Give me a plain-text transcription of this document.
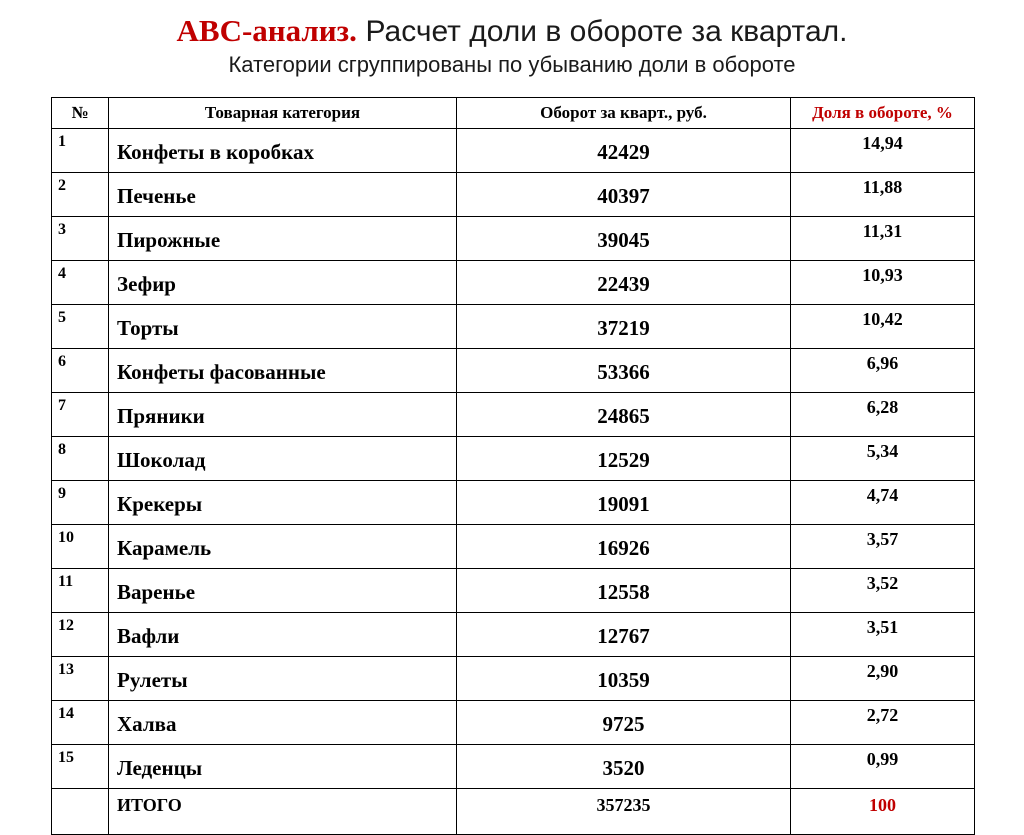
ABC-анализ. Расчет доли в обороте за квартал.
Категории сгруппированы по убыванию доли в обороте
№	Товарная категория	Оборот за кварт., руб.	Доля в обороте, %
1	Конфеты в коробках	42429	14,94
2	Печенье	40397	11,88
3	Пирожные	39045	11,31
4	Зефир	22439	10,93
5	Торты	37219	10,42
6	Конфеты фасованные	53366	6,96
7	Пряники	24865	6,28
8	Шоколад	12529	5,34
9	Крекеры	19091	4,74
10	Карамель	16926	3,57
11	Варенье	12558	3,52
12	Вафли	12767	3,51
13	Рулеты	10359	2,90
14	Халва	9725	2,72
15	Леденцы	3520	0,99
	ИТОГО	357235	100
